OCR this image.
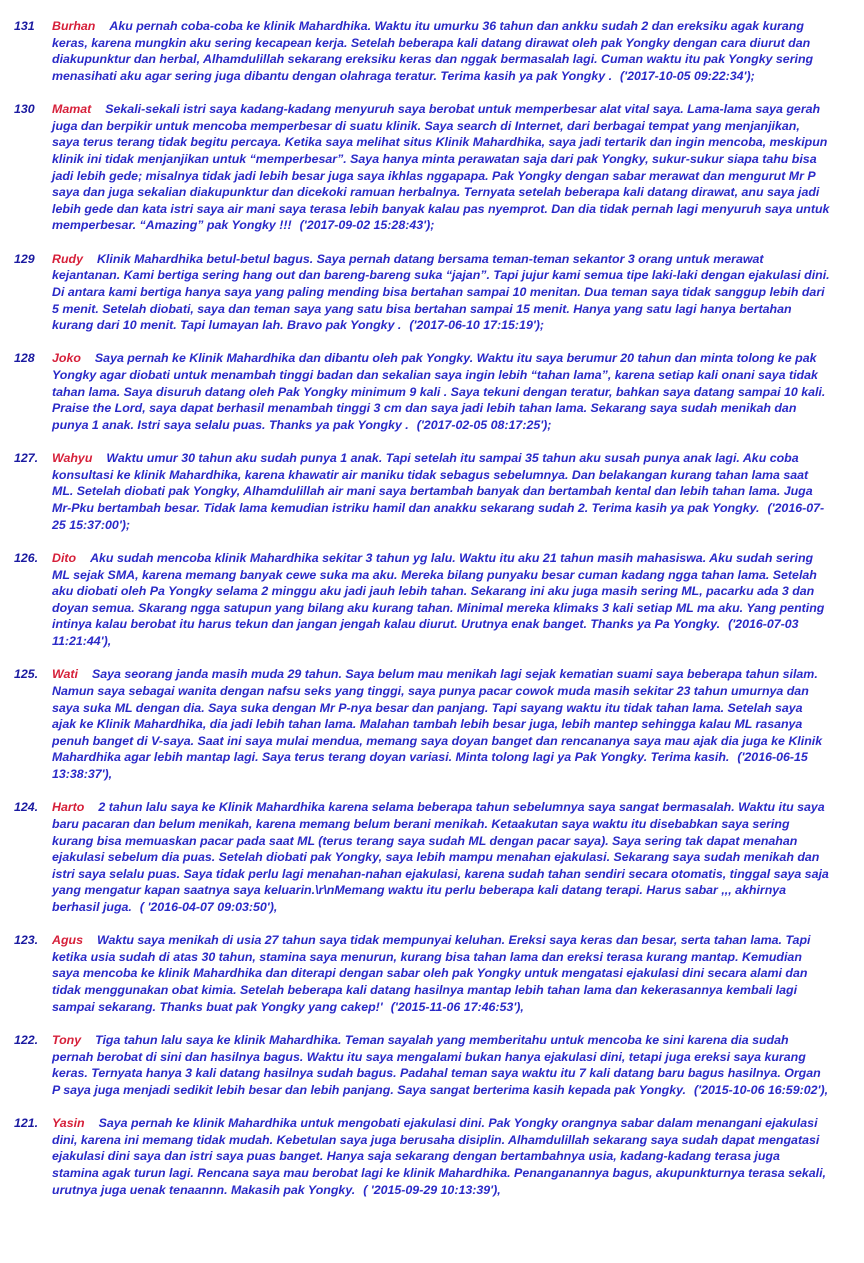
131 Burhan Aku pernah coba-coba ke klinik Mahardhika. Waktu itu umurku 36 tahun dan ankku sudah 2 dan ereksiku agak kurang keras, karena mungkin aku sering kecapean kerja. Setelah beberapa kali datang dirawat oleh pak Yongky dengan cara diurut dan diakupunktur dan herbal, Alhamdulillah sekarang ereksiku keras dan nggak bermasalah lagi. Cuman waktu itu pak Yongky sering menasihati aku agar sering juga dibantu dengan olahraga teratur. Terima kasih ya pak Yongky . ('2017-10-05 09:22:34');

130 Mamat Sekali-sekali istri saya kadang-kadang menyuruh saya berobat untuk memperbesar alat vital saya. Lama-lama saya gerah juga dan berpikir untuk mencoba memperbesar di suatu klinik. Saya search di Internet, dari berbagai tempat yang menjanjikan, saya terus terang tidak begitu percaya. Ketika saya melihat situs Klinik Mahardhika, saya jadi tertarik dan ingin mencoba, meskipun klinik ini tidak menjanjikan untuk “memperbesar”. Saya hanya minta perawatan saja dari pak Yongky, sukur-sukur siapa tahu bisa jadi lebih gede; misalnya tidak jadi lebih besar juga saya ikhlas nggapapa. Pak Yongky dengan sabar merawat dan mengurut Mr P saya dan juga sekalian diakupunktur dan dicekoki ramuan herbalnya. Ternyata setelah beberapa kali datang dirawat, anu saya jadi lebih gede dan kata istri saya air mani saya terasa lebih banyak kalau pas nyemprot. Dan dia tidak pernah lagi menyuruh saya untuk memperbesar. “Amazing” pak Yongky !!! ('2017-09-02 15:28:43');

129 Rudy Klinik Mahardhika betul-betul bagus. Saya pernah datang bersama teman-teman sekantor 3 orang untuk merawat kejantanan. Kami bertiga sering hang out dan bareng-bareng suka “jajan”. Tapi jujur kami semua tipe laki-laki dengan ejakulasi dini. Di antara kami bertiga hanya saya yang paling mending bisa bertahan sampai 10 menitan. Dua teman saya tidak sanggup lebih dari 5 menit. Setelah diobati, saya dan teman saya yang satu bisa bertahan sampai 15 menit. Hanya yang satu lagi hanya bertahan kurang dari 10 menit. Tapi lumayan lah. Bravo pak Yongky . ('2017-06-10 17:15:19');

128 Joko Saya pernah ke Klinik Mahardhika dan dibantu oleh pak Yongky. Waktu itu saya berumur 20 tahun dan minta tolong ke pak Yongky agar diobati untuk menambah tinggi badan dan sekalian saya ingin lebih “tahan lama”, karena setiap kali onani saya tidak tahan lama. Saya disuruh datang oleh Pak Yongky minimum 9 kali . Saya tekuni dengan teratur, bahkan saya datang sampai 10 kali. Praise the Lord, saya dapat berhasil menambah tinggi 3 cm dan saya jadi lebih tahan lama. Sekarang saya sudah menikah dan punya 1 anak. Istri saya selalu puas. Thanks ya pak Yongky . ('2017-02-05 08:17:25');

127. Wahyu Waktu umur 30 tahun aku sudah punya 1 anak. Tapi setelah itu sampai 35 tahun aku susah punya anak lagi. Aku coba konsultasi ke klinik Mahardhika, karena khawatir air maniku tidak sebagus sebelumnya. Dan belakangan kurang tahan lama saat ML. Setelah diobati pak Yongky, Alhamdulillah air mani saya bertambah banyak dan bertambah kental dan lebih tahan lama. Juga Mr-Pku bertambah besar. Tidak lama kemudian istriku hamil dan anakku sekarang sudah 2. Terima kasih ya pak Yongky. ('2016-07-25 15:37:00');

126. Dito Aku sudah mencoba klinik Mahardhika sekitar 3 tahun yg lalu. Waktu itu aku 21 tahun masih mahasiswa. Aku sudah sering ML sejak SMA, karena memang banyak cewe suka ma aku. Mereka bilang punyaku besar cuman kadang ngga tahan lama. Setelah aku diobati oleh Pa Yongky selama 2 minggu aku jadi jauh lebih tahan. Sekarang ini aku juga masih sering ML, pacarku ada 3 dan doyan semua. Skarang ngga satupun yang bilang aku kurang tahan. Minimal mereka klimaks 3 kali setiap ML ma aku. Yang penting intinya kalau berobat itu harus tekun dan jangan jengah kalau diurut. Urutnya enak banget. Thanks ya Pa Yongky. ('2016-07-03 11:21:44'),

125. Wati Saya seorang janda masih muda 29 tahun. Saya belum mau menikah lagi sejak kematian suami saya beberapa tahun silam. Namun saya sebagai wanita dengan nafsu seks yang tinggi, saya punya pacar cowok muda masih sekitar 23 tahun umurnya dan saya suka ML dengan dia. Saya suka dengan Mr P-nya besar dan panjang. Tapi sayang waktu itu tidak tahan lama. Setelah saya ajak ke Klinik Mahardhika, dia jadi lebih tahan lama. Malahan tambah lebih besar juga, lebih mantep sehingga kalau ML rasanya penuh banget di V-saya. Saat ini saya mulai mendua, memang saya doyan banget dan rencananya saya mau ajak dia juga ke Klinik Mahardhika agar lebih mantap lagi. Saya terus terang doyan variasi. Minta tolong lagi ya Pak Yongky. Terima kasih. ('2016-06-15 13:38:37'),

124. Harto 2 tahun lalu saya ke Klinik Mahardhika karena selama beberapa tahun sebelumnya saya sangat bermasalah. Waktu itu saya baru pacaran dan belum menikah, karena memang belum berani menikah. Ketaakutan saya waktu itu disebabkan saya sering kurang bisa memuaskan pacar pada saat ML (terus terang saya sudah ML dengan pacar saya). Saya sering tak dapat menahan ejakulasi sebelum dia puas. Setelah diobati pak Yongky, saya lebih mampu menahan ejakulasi. Sekarang saya sudah menikah dan istri saya selalu puas. Saya tidak perlu lagi menahan-nahan ejakulasi, karena sudah tahan sendiri secara otomatis, tinggal saya saja yang mengatur kapan saatnya saya keluarin.\r\nMemang waktu itu perlu beberapa kali datang terapi. Harus sabar ,,, akhirnya berhasil juga. ( '2016-04-07 09:03:50'),

123. Agus Waktu saya menikah di usia 27 tahun saya tidak mempunyai keluhan. Ereksi saya keras dan besar, serta tahan lama. Tapi ketika usia sudah di atas 30 tahun, stamina saya menurun, kurang bisa tahan lama dan ereksi terasa kurang mantap. Kemudian saya mencoba ke klinik Mahardhika dan diterapi dengan sabar oleh pak Yongky untuk mengatasi ejakulasi dini secara alami dan tidak menggunakan obat kimia. Setelah beberapa kali datang hasilnya mantap lebih tahan lama dan kekerasannya kembali lagi sampai sekarang. Thanks buat pak Yongky yang cakep!' ('2015-11-06 17:46:53'),

122. Tony Tiga tahun lalu saya ke klinik Mahardhika. Teman sayalah yang memberitahu untuk mencoba ke sini karena dia sudah pernah berobat di sini dan hasilnya bagus. Waktu itu saya mengalami bukan hanya ejakulasi dini, tetapi juga ereksi saya kurang keras. Ternyata hanya 3 kali datang hasilnya sudah bagus. Padahal teman saya waktu itu 7 kali datang baru bagus hasilnya. Organ P saya juga menjadi sedikit lebih besar dan lebih panjang. Saya sangat berterima kasih kepada pak Yongky. ('2015-10-06 16:59:02'),

121. Yasin Saya pernah ke klinik Mahardhika untuk mengobati ejakulasi dini. Pak Yongky orangnya sabar dalam menangani ejakulasi dini, karena ini memang tidak mudah. Kebetulan saya juga berusaha disiplin. Alhamdulillah sekarang saya sudah dapat mengatasi ejakulasi dini saya dan istri saya puas banget. Hanya saja sekarang dengan bertambahnya usia, kadang-kadang terasa juga stamina agak turun lagi. Rencana saya mau berobat lagi ke klinik Mahardhika. Penanganannya bagus, akupunkturnya terasa sekali, urutnya juga uenak tenaannn. Makasih pak Yongky. ( '2015-09-29 10:13:39'),
